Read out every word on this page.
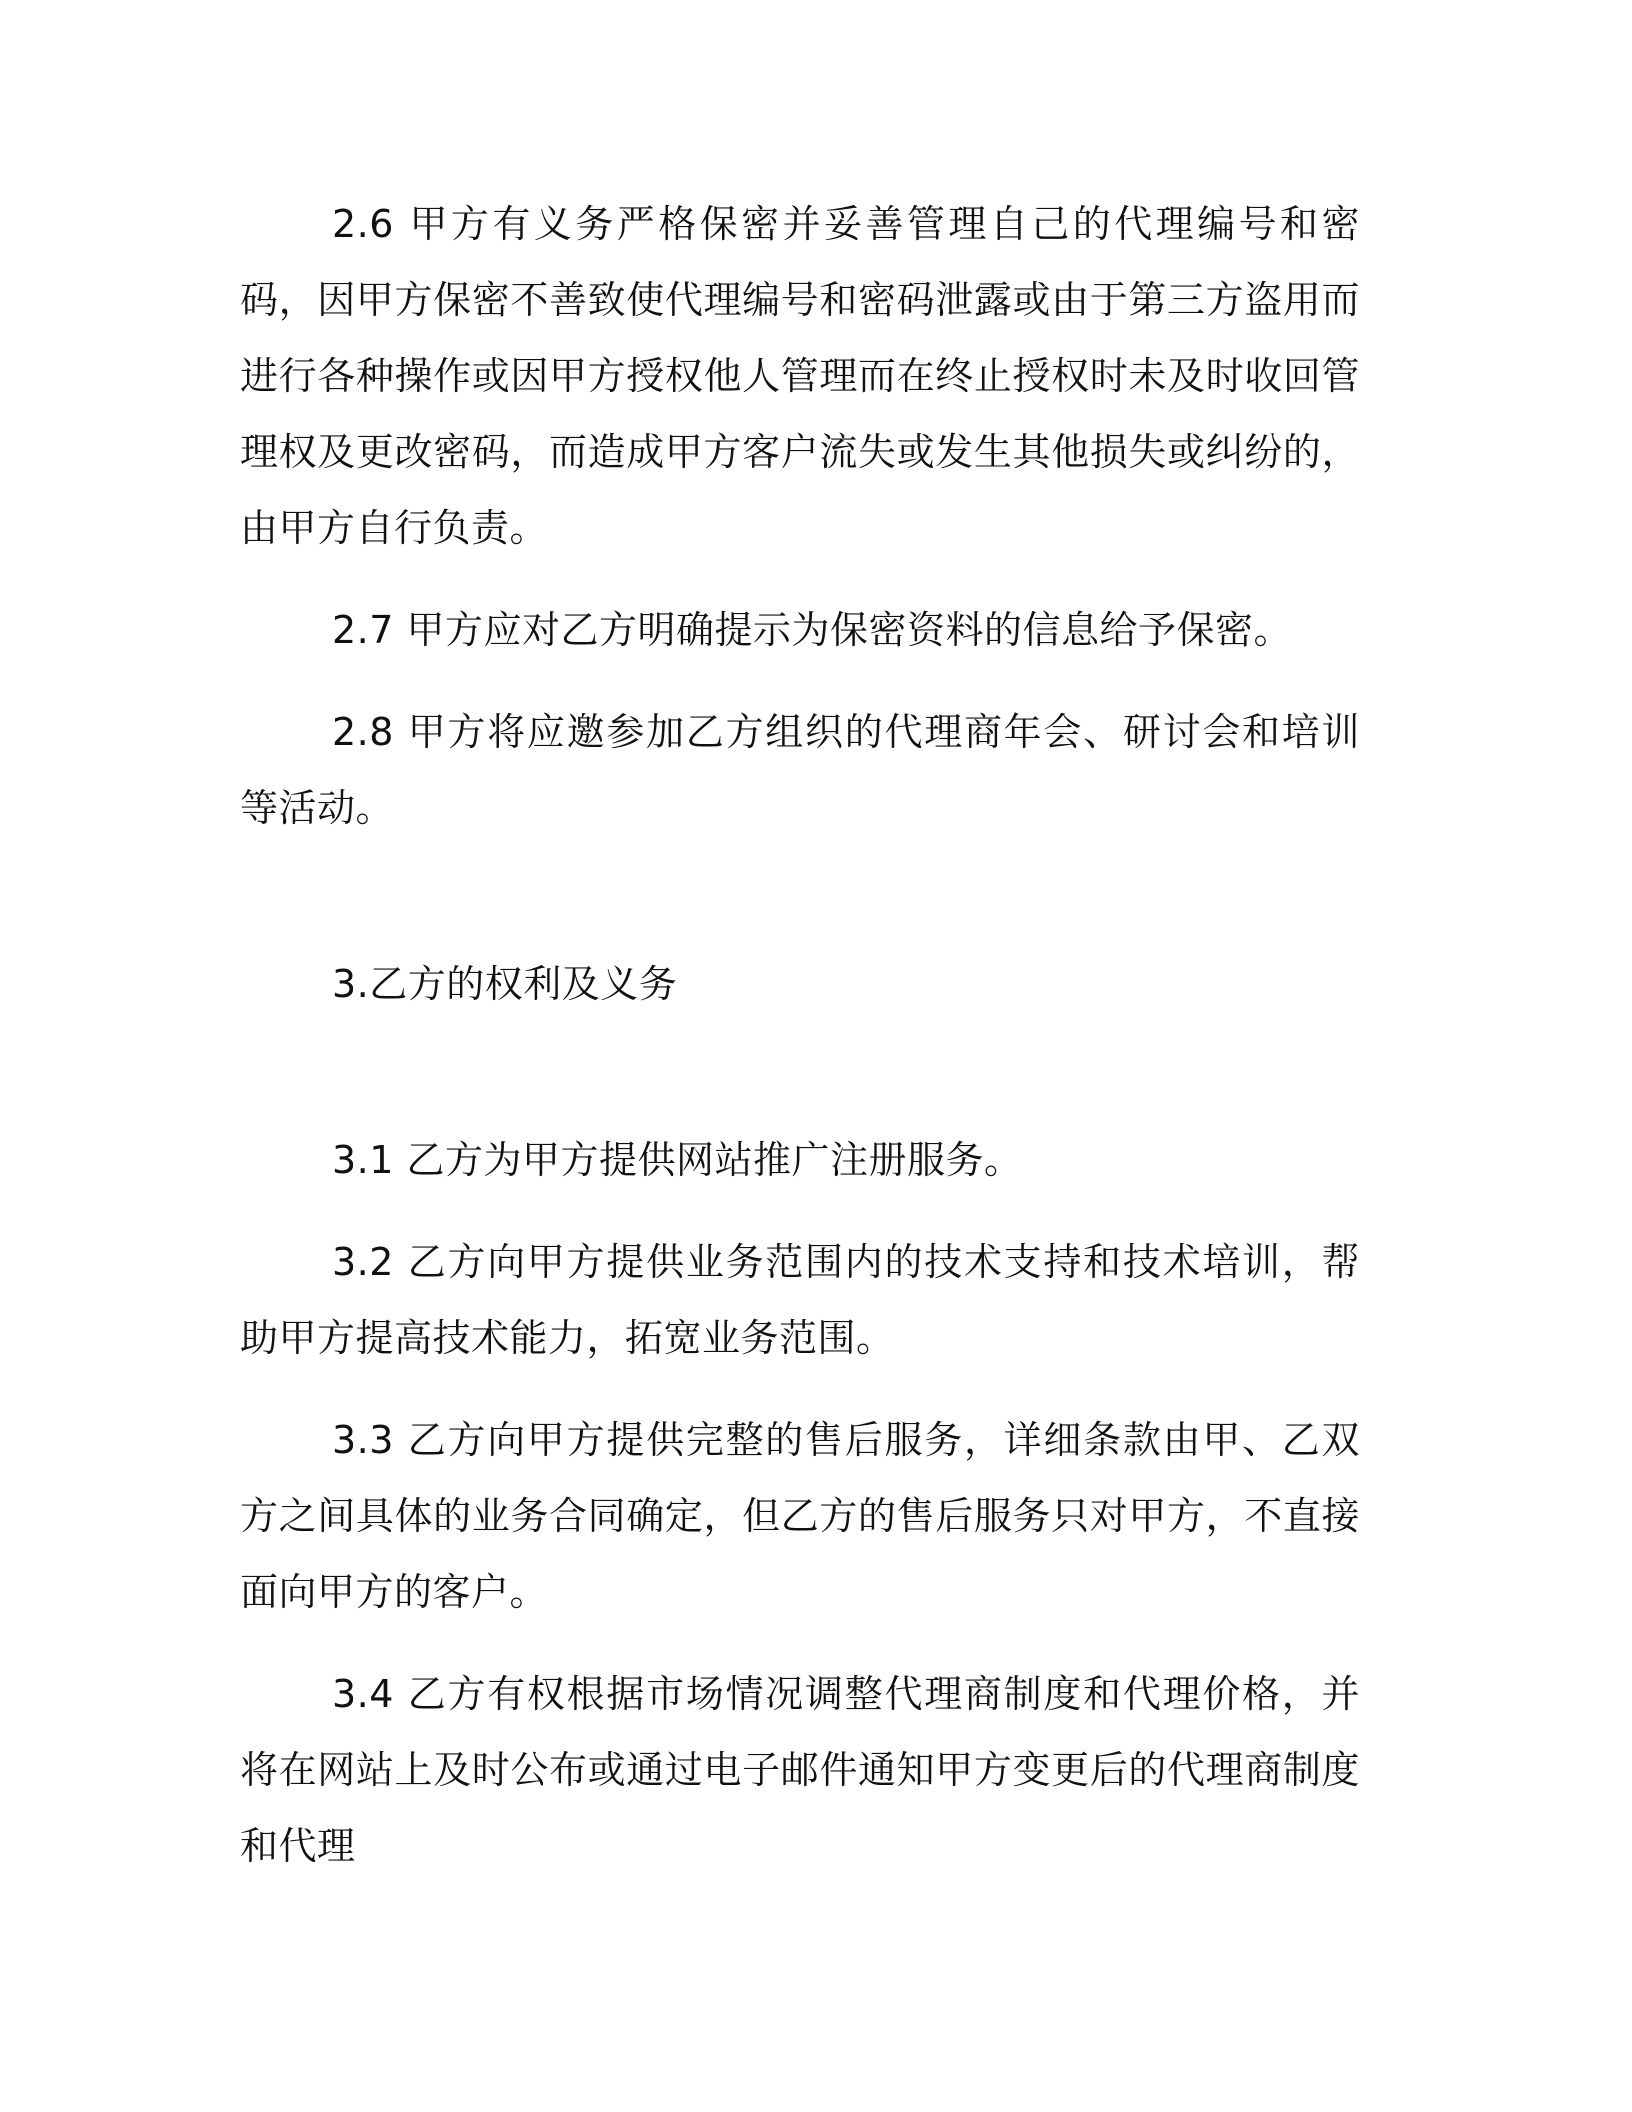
2.6 甲方有义务严格保密并妥善管理自己的代理编号和密码，因甲方保密不善致使代理编号和密码泄露或由于第三方盗用而进行各种操作或因甲方授权他人管理而在终止授权时未及时收回管理权及更改密码，而造成甲方客户流失或发生其他损失或纠纷的，由甲方自行负责。

2.7 甲方应对乙方明确提示为保密资料的信息给予保密。

2.8 甲方将应邀参加乙方组织的代理商年会、研讨会和培训等活动。

3.乙方的权利及义务

3.1 乙方为甲方提供网站推广注册服务。

3.2 乙方向甲方提供业务范围内的技术支持和技术培训，帮助甲方提高技术能力，拓宽业务范围。

3.3 乙方向甲方提供完整的售后服务，详细条款由甲、乙双方之间具体的业务合同确定，但乙方的售后服务只对甲方，不直接面向甲方的客户。

3.4 乙方有权根据市场情况调整代理商制度和代理价格，并将在网站上及时公布或通过电子邮件通知甲方变更后的代理商制度和代理
